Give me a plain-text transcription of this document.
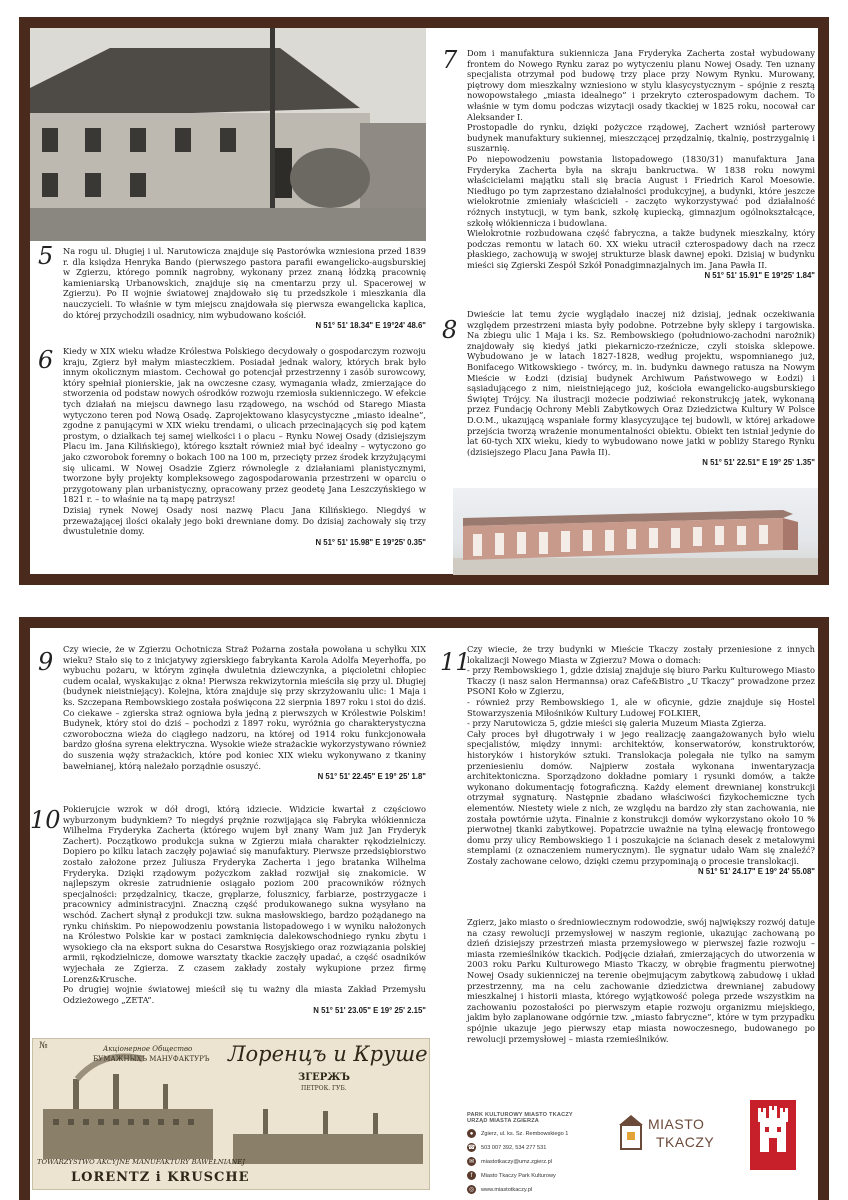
5 Na rogu ul. Długiej i ul. Narutowicza znajduje się Pastorówka wzniesiona przed 1839 r. dla księdza Henryka Bando (pierwszego pastora parafii ewangelicko-augsburskiej w Zgierzu, którego pomnik nagrobny, wykonany przez znaną łódzką pracownię kamieniarską Urbanowskich, znajduje się na cmentarzu przy ul. Spacerowej w Zgierzu). Po II wojnie światowej znajdowało się tu przedszkole i mieszkania dla nauczycieli. To właśnie w tym miejscu znajdowała się pierwsza ewangelicka kaplica, do której przychodzili osadnicy, nim wybudowano kościół.

N 51° 51' 18.34" E 19°24' 48.6"
6 Kiedy w XIX wieku władze Królestwa Polskiego decydowały o gospodarczym rozwoju kraju, Zgierz był małym miasteczkiem. Posiadał jednak walory, których brak było innym okolicznym miastom. Cechował go potencjał przestrzenny i zasób surowcowy, który spełniał pionierskie, jak na owczesne czasy, wymagania władz, zmierzające do stworzenia od podstaw nowych ośrodków rozwoju rzemiosła sukienniczego. W efekcie tych działań na miejscu dawnego lasu rządowego, na wschód od Starego Miasta wytyczono teren pod Nową Osadę. Zaprojektowano klasycystyczne „miasto idealne”, zgodne z panującymi w XIX wieku trendami, o ulicach przecinających się pod kątem prostym, o działkach tej samej wielkości i o placu – Rynku Nowej Osady (dzisiejszym Placu im. Jana Kilińskiego), którego kształt również miał być idealny – wytyczono go jako czworobok foremny o bokach 100 na 100 m, przecięty przez środek krzyżującymi się ulicami. W Nowej Osadzie Zgierz równolegle z działaniami planistycznymi, tworzone były projekty kompleksowego zagospodarowania przestrzeni w oparciu o przygotowany plan urbanistyczny, opracowany przez geodetę Jana Leszczyńskiego w 1821 r. – to właśnie na tą mapę patrzysz!

Dzisiaj rynek Nowej Osady nosi nazwę Placu Jana Kilińskiego. Niegdyś w przeważającej ilości okalały jego boki drewniane domy. Do dzisiaj zachowały się trzy dwustuletnie domy.

N 51° 51' 15.98" E 19°25' 0.35"
7 Dom i manufaktura sukiennicza Jana Fryderyka Zacherta został wybudowany frontem do Nowego Rynku zaraz po wytyczeniu planu Nowej Osady. Ten uznany specjalista otrzymał pod budowę trzy place przy Nowym Rynku. Murowany, piętrowy dom mieszkalny wzniesiono w stylu klasycystycznym – spójnie z resztą nowopowstałego „miasta idealnego” i przekryto czterospadowym dachem. To właśnie w tym domu podczas wizytacji osady tkackiej w 1825 roku, nocował car Aleksander I.

Prostopadle do rynku, dzięki pożyczce rządowej, Zachert wzniósł parterowy budynek manufaktury sukiennej, mieszczącej przędzalnię, tkalnię, postrzygalnię i suszarnię.

Po niepowodzeniu powstania listopadowego (1830/31) manufaktura Jana Fryderyka Zacherta była na skraju bankructwa. W 1838 roku nowymi właścicielami majątku stali się bracia August i Friedrich Karol Moesowie. Niedługo po tym zaprzestano działalności produkcyjnej, a budynki, które jeszcze wielokrotnie zmieniały właścicieli - zaczęto wykorzystywać pod działalność różnych instytucji, w tym bank, szkołę kupiecką, gimnazjum ogólnokształcące, szkołę włókiennicza i budowlana.

Wielokrotnie rozbudowana część fabryczna, a także budynek mieszkalny, który podczas remontu w latach 60. XX wieku utracił czterospadowy dach na rzecz płaskiego, zachowują w swojej strukturze blask dawnej epoki. Dzisiaj w budynku mieści się Zgierski Zespół Szkół Ponadgimnazjalnych im. Jana Pawła II.

N 51° 51' 15.91" E 19°25' 1.84"
8

Dwieście lat temu życie wyglądało inaczej niż dzisiaj, jednak oczekiwania względem przestrzeni miasta były podobne. Potrzebne były sklepy i targowiska. Na zbiegu ulic 1 Maja i ks. Sz. Rembowskiego (południowo-zachodni narożnik) znajdowały się kiedyś jatki piekarniczo-rzeźnicze, czyli stoiska sklepowe. Wybudowano je w latach 1827-1828, według projektu, wspomnianego już, Bonifacego Witkowskiego - twórcy, m. in. budynku dawnego ratusza na Nowym Mieście w Łodzi (dzisiaj budynek Archiwum Państwowego w Łodzi) i sąsiadującego z nim, nieistniejącego już, kościoła ewangelicko-augsburskiego Świętej Trójcy. Na ilustracji możecie podziwiać rekonstrukcję jatek, wykonaną przez Fundację Ochrony Mebli Zabytkowych Oraz Dziedzictwa Kultury W Polsce D.O.M., ukazującą wspaniałe formy klasycyzujące tej budowli, w której arkadowe przejścia tworzą wrażenie monumentalności obiektu. Obiekt ten istniał jedynie do lat 60-tych XIX wieku, kiedy to wybudowano nowe jatki w pobliży Starego Rynku (dzisiejszego Placu Jana Pawła II).

N 51° 51' 22.51" E 19° 25' 1.35"
9 Czy wiecie, że w Zgierzu Ochotnicza Straż Pożarna została powołana u schyłku XIX wieku? Stało się to z inicjatywy zgierskiego fabrykanta Karola Adolfa Meyerhoffa, po wybuchu pożaru, w którym zginęła dwuletnia dziewczynka, a pięcioletni chłopiec cudem ocalał, wyskakując z okna! Pierwsza rekwizytornia mieściła się przy ul. Długiej (budynek nieistniejący). Kolejna, która znajduje się przy skrzyżowaniu ulic: 1 Maja i ks. Szczepana Rembowskiego została poświęcona 22 sierpnia 1897 roku i stoi do dziś. Co ciekawe – zgierska straż ogniowa była jedną z pierwszych w Królestwie Polskim! Budynek, który stoi do dziś – pochodzi z 1897 roku, wyróżnia go charakterystyczna czworoboczna wieża do ciągłego nadzoru, na której od 1914 roku funkcjonowała bardzo głośna syrena elektryczna. Wysokie wieże strażackie wykorzystywano również do suszenia węży strażackich, które pod koniec XIX wieku wykonywano z tkaniny bawełnianej, którą należało porządnie osuszyć.

N 51° 51' 22.45" E 19° 25' 1.8"
10 Pokierujcie wzrok w dół drogi, którą idziecie. Widzicie kwartał z częściowo wyburzonym budynkiem? To niegdyś prężnie rozwijająca się Fabryka włókiennicza Wilhelma Fryderyka Zacherta (którego wujem był znany Wam już Jan Fryderyk Zachert). Początkowo produkcja sukna w Zgierzu miała charakter rękodzielniczy. Dopiero po kilku latach zaczęły pojawiać się manufaktury. Pierwsze przedsiębiorstwo zostało założone przez Juliusza Fryderyka Zacherta i jego bratanka Wilhelma Fryderyka. Dzięki rządowym pożyczkom zakład rozwijał się znakomicie. W najlepszym okresie zatrudnienie osiągało poziom 200 pracowników różnych specjalności: przędzalnicy, tkacze, gręplarze, folusznicy, farbiarze, postrzygacze i pracownicy administracyjni. Znaczną część produkowanego sukna wysyłano na wschód. Zachert słynął z produkcji tzw. sukna masłowskiego, bardzo pożądanego na rynku chińskim. Po niepowodzeniu powstania listopadowego i w wyniku nałożonych na Królestwo Polskie kar w postaci zamknięcia dalekowschodniego rynku zbytu i wysokiego cła na eksport sukna do Cesarstwa Rosyjskiego oraz rozwiązania polskiej armii, rękodzielnicze, domowe warsztaty tkackie zaczęły upadać, a część osadników wyjechała ze Zgierza. Z czasem zakłady zostały wykupione przez firmę Lorenz&Krusche.

Po drugiej wojnie światowej mieścił się tu ważny dla miasta Zakład Przemysłu Odzieżowego „ZETA”.

N 51° 51' 23.05" E 19° 25' 2.15"
№	Акціонерное Общество
БУМАЖНЫХЪ МАНУФАКТУРЪ Лоренцъ и Круше
ЗГЕРЖЪ
ПЕТРОК. ГУБ.
TOWARZYSTWO AKCYJNE MANUFAKTURY BAWEŁNIANEJ
LORENTZ i KRUSCHE
11

Czy wiecie, że trzy budynki w Mieście Tkaczy zostały przeniesione z innych lokalizacji Nowego Miasta w Zgierzu? Mowa o domach:

- przy Rembowskiego 1, gdzie dzisiaj znajduje się biuro Parku Kulturowego Miasto Tkaczy (i nasz salon Hermannsa) oraz Cafe&Bistro „U Tkaczy” prowadzone przez PSONI Koło w Zgierzu,

- również przy Rembowskiego 1, ale w oficynie, gdzie znajduje się Hostel Stowarzyszenia Miłośników Kultury Ludowej FOLKIER,

- przy Narutowicza 5, gdzie mieści się galeria Muzeum Miasta Zgierza.

Cały proces był długotrwały i w jego realizację zaangażowanych było wielu specjalistów, między innymi: architektów, konserwatorów, konstruktorów, historyków i historyków sztuki. Translokacja polegała nie tylko na samym przeniesieniu domów. Najpierw została wykonana inwentaryzacja architektoniczna. Sporządzono dokładne pomiary i rysunki domów, a także wykonano dokumentację fotograficzną. Każdy element drewnianej konstrukcji otrzymał sygnaturę. Następnie zbadano właściwości fizykochemiczne tych elementów. Niestety wiele z nich, ze względu na bardzo zły stan zachowania, nie została powtórnie użyta. Finalnie z konstrukcji domów wykorzystano około 10 % pierwotnej tkanki zabytkowej. Popatrzcie uważnie na tylną elewację frontowego domu przy ulicy Rembowskiego 1 i poszukajcie na ścianach desek z metalowymi stemplami (z oznaczeniem numerycznym). Ile sygnatur udało Wam się znaleźć? Zostały zachowane celowo, dzięki czemu przypominają o procesie translokacji.

N 51° 51' 24.17" E 19° 24' 55.08"

Zgierz, jako miasto o średniowiecznym rodowodzie, swój największy rozwój datuje na czasy rewolucji przemysłowej w naszym regionie, ukazując zachowaną po dzień dzisiejszy przestrzeń miasta przemysłowego w pierwszej fazie rozwoju – miasta rzemieślników tkackich. Podjęcie działań, zmierzających do utworzenia w 2003 roku Parku Kulturowego Miasto Tkaczy, w obrębie fragmentu pierwotnej Nowej Osady sukienniczej na terenie obejmującym zabytkową zabudowę i układ przestrzenny, ma na celu zachowanie dziedzictwa drewnianej zabudowy mieszkalnej i historii miasta, którego wyjątkowość polega przede wszystkim na zachowaniu pozostałości po pierwszym etapie rozwoju organizmu miejskiego, jakim było zaplanowane odgórnie tzw. „miasto fabryczne”, które w tym przypadku spójnie ukazuje jego pierwszy etap miasta nowoczesnego, budowanego po rewolucji przemysłowej – miasta rzemieślników.

PARK KULTUROWY MIASTO TKACZY
URZĄD MIASTA ZGIERZA
●	Zgierz, ul. ks. Sz. Rembowskiego 1
☎ 503 007 392, 534 277 531
✉	miastotkaczy@umz.zgierz.pl
f	Miasto Tkaczy Park Kulturowy
◎	www.miastotkaczy.pl
MIASTO
TKACZY
